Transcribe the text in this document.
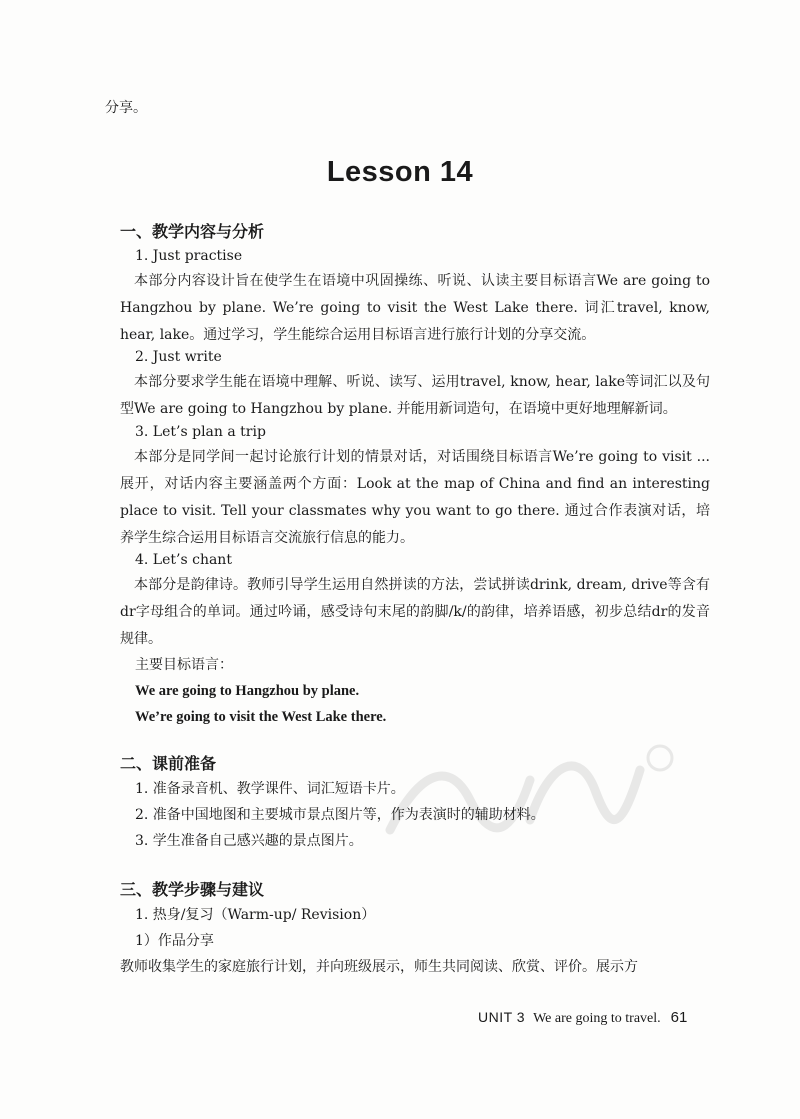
分享。
Lesson 14
一、教学内容与分析
1. Just practise
本部分内容设计旨在使学生在语境中巩固操练、听说、认读主要目标语言We are going to Hangzhou by plane. We’re going to visit the West Lake there. 词汇travel, know, hear, lake。通过学习，学生能综合运用目标语言进行旅行计划的分享交流。
2. Just write
本部分要求学生能在语境中理解、听说、读写、运用travel, know, hear, lake等词汇以及句型We are going to Hangzhou by plane. 并能用新词造句，在语境中更好地理解新词。
3. Let’s plan a trip
本部分是同学间一起讨论旅行计划的情景对话，对话围绕目标语言We’re going to visit ... 展开，对话内容主要涵盖两个方面：Look at the map of China and find an interesting place to visit. Tell your classmates why you want to go there. 通过合作表演对话，培养学生综合运用目标语言交流旅行信息的能力。
4. Let’s chant
本部分是韵律诗。教师引导学生运用自然拼读的方法，尝试拼读drink, dream, drive等含有dr字母组合的单词。通过吟诵，感受诗句末尾的韵脚/k/的韵律，培养语感，初步总结dr的发音规律。
主要目标语言：
We are going to Hangzhou by plane.
We’re going to visit the West Lake there.
二、课前准备
1. 准备录音机、教学课件、词汇短语卡片。
2. 准备中国地图和主要城市景点图片等，作为表演时的辅助材料。
3. 学生准备自己感兴趣的景点图片。
三、教学步骤与建议
1. 热身/复习（Warm-up/ Revision）
1）作品分享
教师收集学生的家庭旅行计划，并向班级展示，师生共同阅读、欣赏、评价。展示方
UNIT 3 We are going to travel. 61
